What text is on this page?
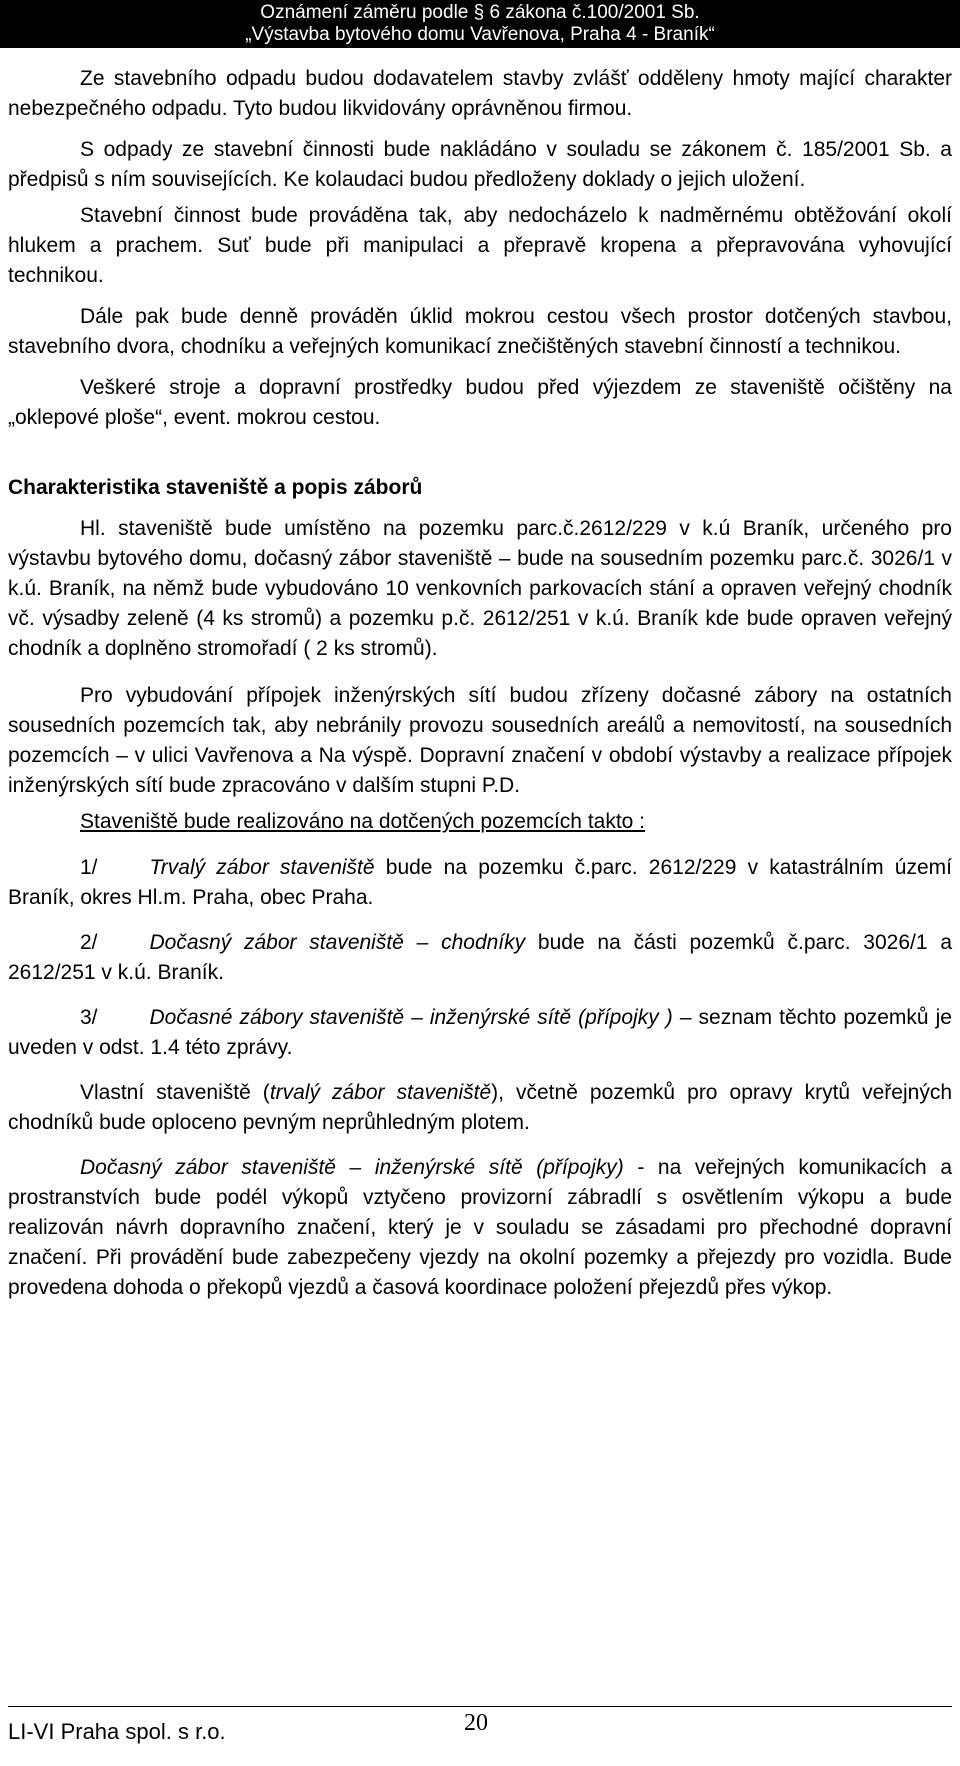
Oznámení záměru podle § 6 zákona č.100/2001 Sb.
„Výstavba bytového domu Vavřenova, Praha 4 - Braník“

Ze stavebního odpadu budou dodavatelem stavby zvlášť odděleny hmoty mající charakter nebezpečného odpadu. Tyto budou likvidovány oprávněnou firmou.

S odpady ze stavební činnosti bude nakládáno v souladu se zákonem č. 185/2001 Sb. a předpisů s ním souvisejících. Ke kolaudaci budou předloženy doklady o jejich uložení.

Stavební činnost bude prováděna tak, aby nedocházelo k nadměrnému obtěžování okolí hlukem a prachem. Suť bude při manipulaci a přepravě kropena a přepravována vyhovující technikou.

Dále pak bude denně prováděn úklid mokrou cestou všech prostor dotčených stavbou, stavebního dvora, chodníku a veřejných komunikací znečištěných stavební činností a technikou.

Veškeré stroje a dopravní prostředky budou před výjezdem ze staveniště očištěny na „oklepové ploše“, event. mokrou cestou.

Charakteristika staveniště a popis záborů

Hl. staveniště bude umístěno na pozemku parc.č.2612/229 v k.ú Braník, určeného pro výstavbu bytového domu, dočasný zábor staveniště – bude na sousedním pozemku parc.č. 3026/1 v k.ú. Braník, na němž bude vybudováno 10 venkovních parkovacích stání a opraven veřejný chodník vč. výsadby zeleně (4 ks stromů) a pozemku p.č. 2612/251 v k.ú. Braník kde bude opraven veřejný chodník a doplněno stromořadí ( 2 ks stromů).

Pro vybudování přípojek inženýrských sítí budou zřízeny dočasné zábory na ostatních sousedních pozemcích tak, aby nebránily provozu sousedních areálů a nemovitostí, na sousedních pozemcích – v ulici Vavřenova a Na výspě. Dopravní značení v období výstavby a realizace přípojek inženýrských sítí bude zpracováno v dalším stupni P.D.

Staveniště bude realizováno na dotčených pozemcích takto :

1/ Trvalý zábor staveniště bude na pozemku č.parc. 2612/229 v katastrálním území Braník, okres Hl.m. Praha, obec Praha.

2/ Dočasný zábor staveniště – chodníky bude na části pozemků č.parc. 3026/1 a 2612/251 v k.ú. Braník.

3/ Dočasné zábory staveniště – inženýrské sítě (přípojky ) – seznam těchto pozemků je uveden v odst. 1.4 této zprávy.

Vlastní staveniště (trvalý zábor staveniště), včetně pozemků pro opravy krytů veřejných chodníků bude oploceno pevným neprůhledným plotem.

Dočasný zábor staveniště – inženýrské sítě (přípojky) - na veřejných komunikacích a prostranstvích bude podél výkopů vztyčeno provizorní zábradlí s osvětlením výkopu a bude realizován návrh dopravního značení, který je v souladu se zásadami pro přechodné dopravní značení. Při provádění bude zabezpečeny vjezdy na okolní pozemky a přejezdy pro vozidla. Bude provedena dohoda o překopů vjezdů a časová koordinace položení přejezdů přes výkop.

LI-VI Praha spol. s r.o.	20
